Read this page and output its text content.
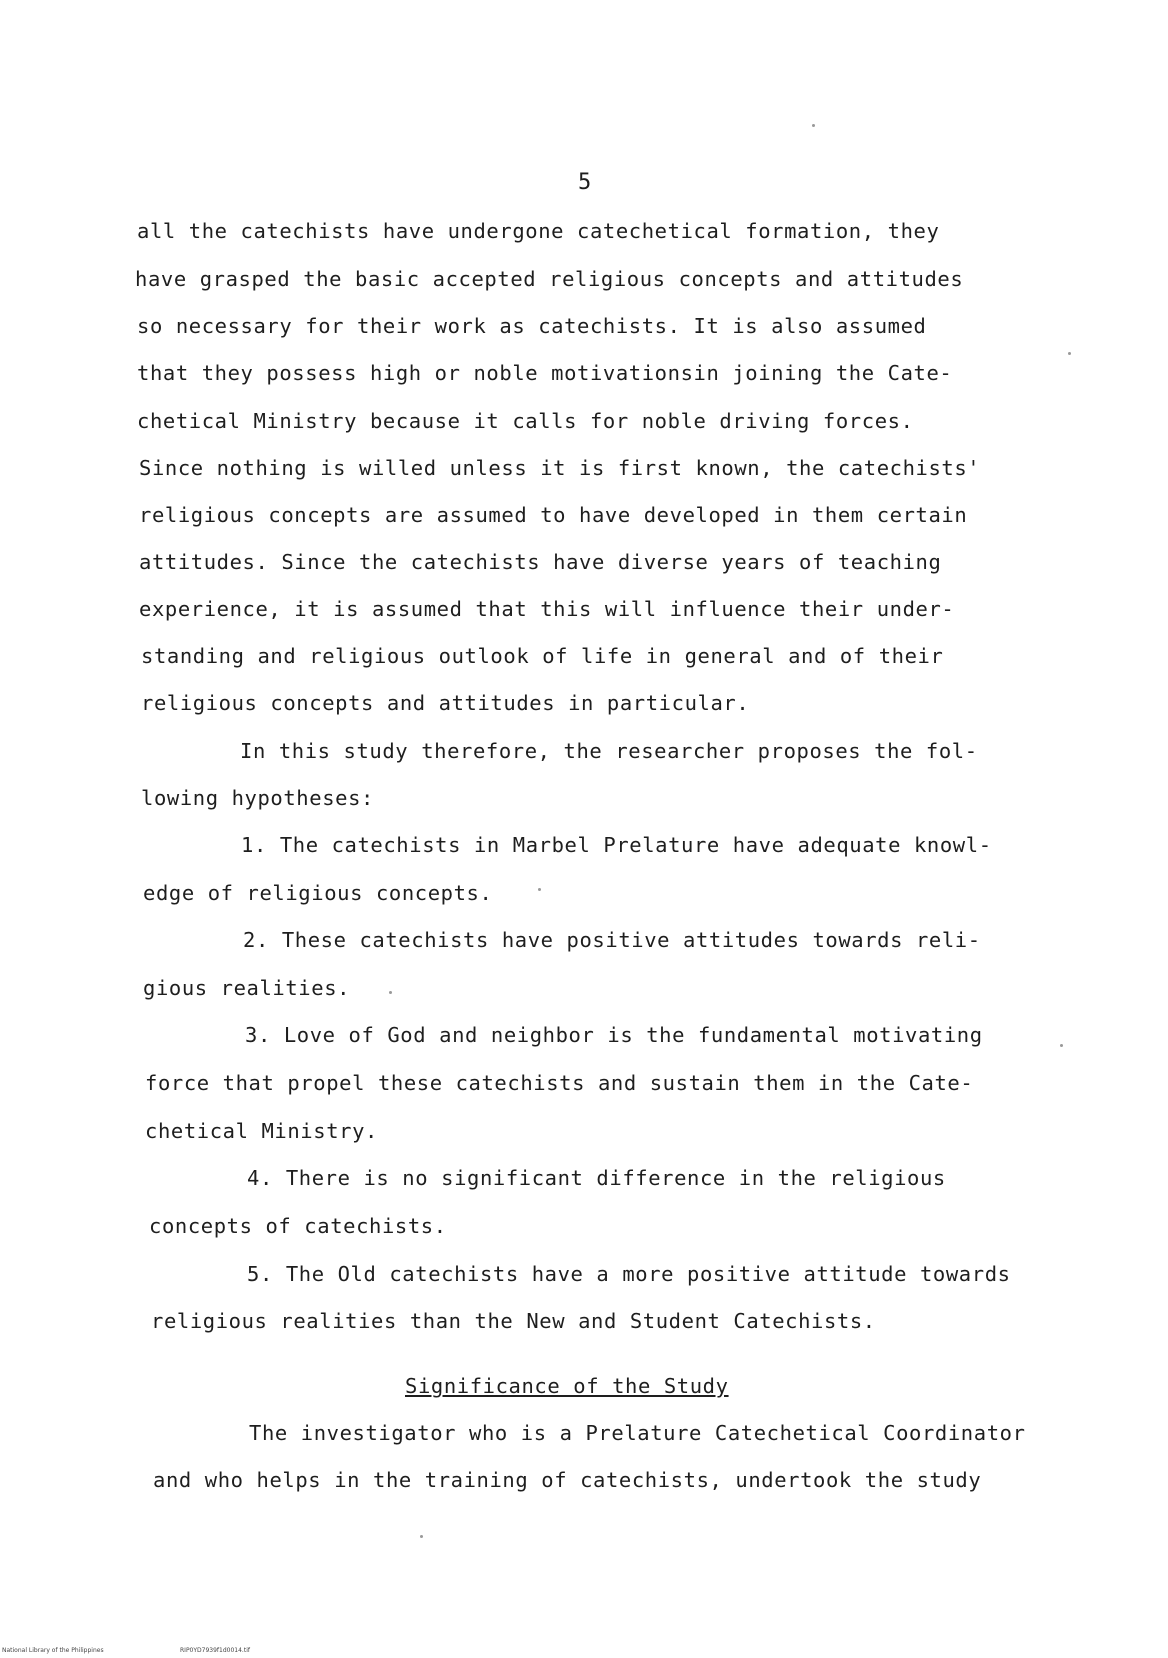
5
all the catechists have undergone catechetical formation, they
have grasped the basic accepted religious concepts and attitudes
so necessary for their work as catechists. It is also assumed
that they possess high or noble motivationsin joining the Cate-
chetical Ministry because it calls for noble driving forces.
Since nothing is willed unless it is first known, the catechists'
religious concepts are assumed to have developed in them certain
attitudes. Since the catechists have diverse years of teaching
experience, it is assumed that this will influence their under-
standing and religious outlook of life in general and of their
religious concepts and attitudes in particular.
In this study therefore, the researcher proposes the fol-
lowing hypotheses:
1. The catechists in Marbel Prelature have adequate knowl-
edge of religious concepts.
2. These catechists have positive attitudes towards reli-
gious realities.
3. Love of God and neighbor is the fundamental motivating
force that propel these catechists and sustain them in the Cate-
chetical Ministry.
4. There is no significant difference in the religious
concepts of catechists.
5. The Old catechists have a more positive attitude towards
religious realities than the New and Student Catechists.
Significance of the Study
The investigator who is a Prelature Catechetical Coordinator
and who helps in the training of catechists, undertook the study
National Library of the Philippines	RIP0YD7939f1d0014.tif
